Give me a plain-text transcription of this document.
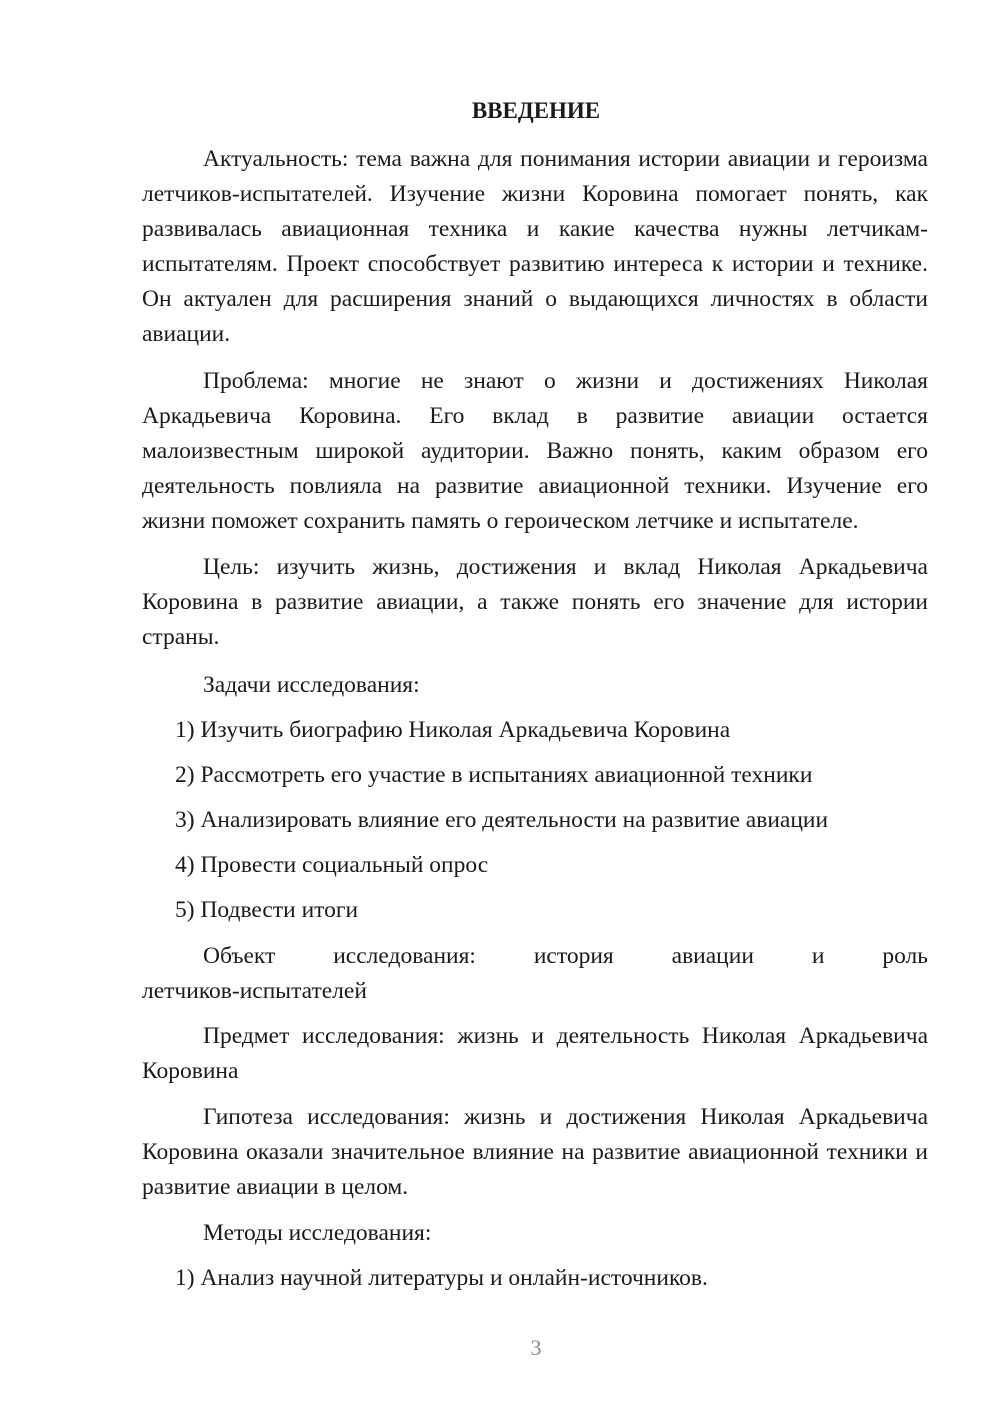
ВВЕДЕНИЕ

Актуальность: тема важна для понимания истории авиации и героизма летчиков-испытателей. Изучение жизни Коровина помогает понять, как развивалась авиационная техника и какие качества нужны летчикам-испытателям. Проект способствует развитию интереса к истории и технике. Он актуален для расширения знаний о выдающихся личностях в области авиации.

Проблема: многие не знают о жизни и достижениях Николая Аркадьевича Коровина. Его вклад в развитие авиации остается малоизвестным широкой аудитории. Важно понять, каким образом его деятельность повлияла на развитие авиационной техники. Изучение его жизни поможет сохранить память о героическом летчике и испытателе.

Цель: изучить жизнь, достижения и вклад Николая Аркадьевича Коровина в развитие авиации, а также понять его значение для истории страны.

Задачи исследования:

1) Изучить биографию Николая Аркадьевича Коровина

2) Рассмотреть его участие в испытаниях авиационной техники

3) Анализировать влияние его деятельности на развитие авиации

4) Провести социальный опрос

5) Подвести итоги

Объект исследования: история авиации и роль

летчиков-испытателей

Предмет исследования: жизнь и деятельность Николая Аркадьевича Коровина

Гипотеза исследования: жизнь и достижения Николая Аркадьевича Коровина оказали значительное влияние на развитие авиационной техники и развитие авиации в целом.

Методы исследования:

1) Анализ научной литературы и онлайн-источников.

3
